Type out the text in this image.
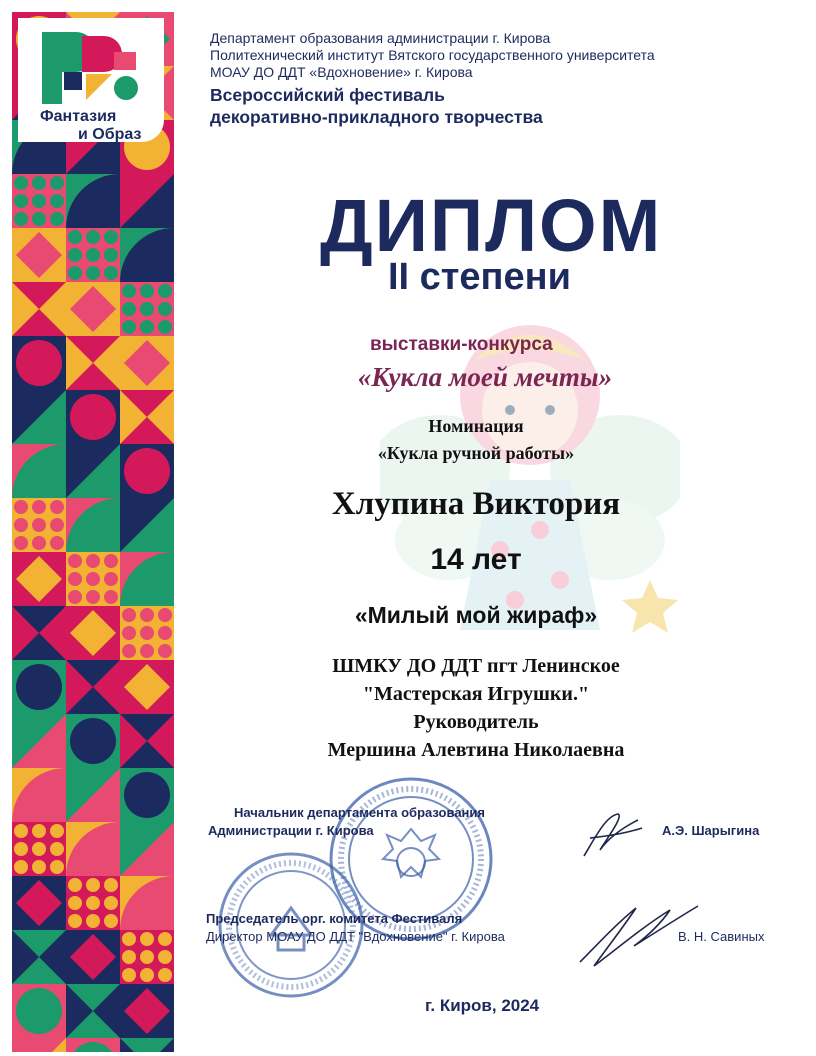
Фантазия
и Образ
Департамент образования администрации г. Кирова
Политехнический институт Вятского государственного университета
МОАУ ДО ДДТ «Вдохновение» г. Кирова
Всероссийский фестиваль
декоративно-прикладного творчества
ДИПЛОМ
II степени
выставки-конкурса
«Кукла моей мечты»
Номинация
«Кукла ручной работы»
Хлупина Виктория
14 лет
«Милый мой жираф»
ШМКУ ДО ДДТ пгт Ленинское
"Мастерская Игрушки."
Руководитель
Мершина Алевтина Николаевна
Начальник департамента образования
Администрации г. Кирова	А.Э. Шарыгина
Председатель орг. комитета Фестиваля
Директор МОАУ ДО ДДТ "Вдохновение" г. Кирова	В. Н. Савиных
г. Киров, 2024
